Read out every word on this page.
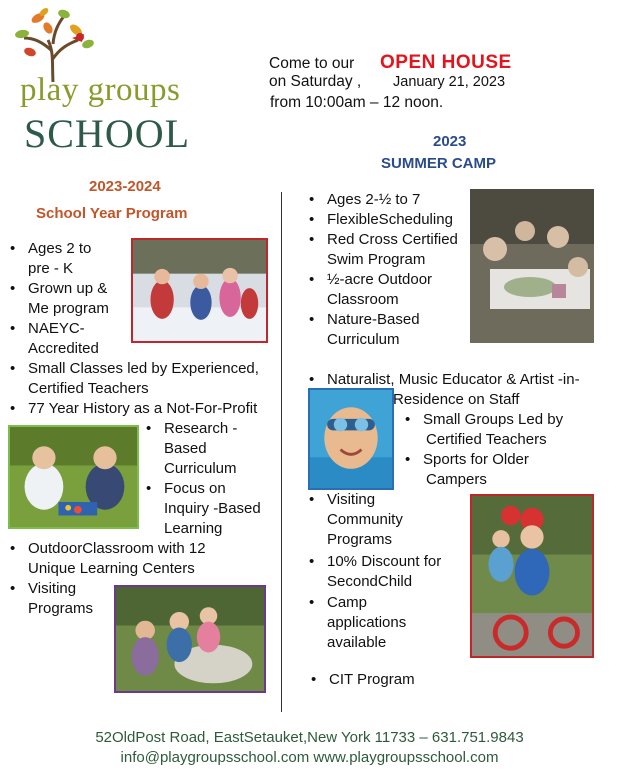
play groups
SCHOOL
Come to our OPEN HOUSE
on Saturday , January 21, 2023
from 10:00am – 12 noon.
2023-2024
School Year Program
2023
SUMMER CAMP
• Ages 2 to
pre - K
• Grown up &
Me program
• NAEYC-
Accredited
• Small Classes led by Experienced,
Certified Teachers
• 77 Year History as a Not-For-Profit
• Research -
Based
Curriculum
• Focus on
Inquiry -Based
Learning
• OutdoorClassroom with 12
Unique Learning Centers
• Visiting
Programs
• Ages 2-½ to 7
• FlexibleScheduling
• Red Cross Certified
Swim Program
• ½-acre Outdoor
Classroom
• Nature-Based
Curriculum
• Naturalist, Music Educator & Artist -in-
Residence on Staff
• Small Groups Led by
Certified Teachers
• Sports for Older
Campers
• Visiting
Community
Programs
• 10% Discount for
SecondChild
• Camp
applications
available
• CIT Program
52OldPost Road, EastSetauket,New York 11733 – 631.751.9843
info@playgroupsschool.com www.playgroupsschool.com
